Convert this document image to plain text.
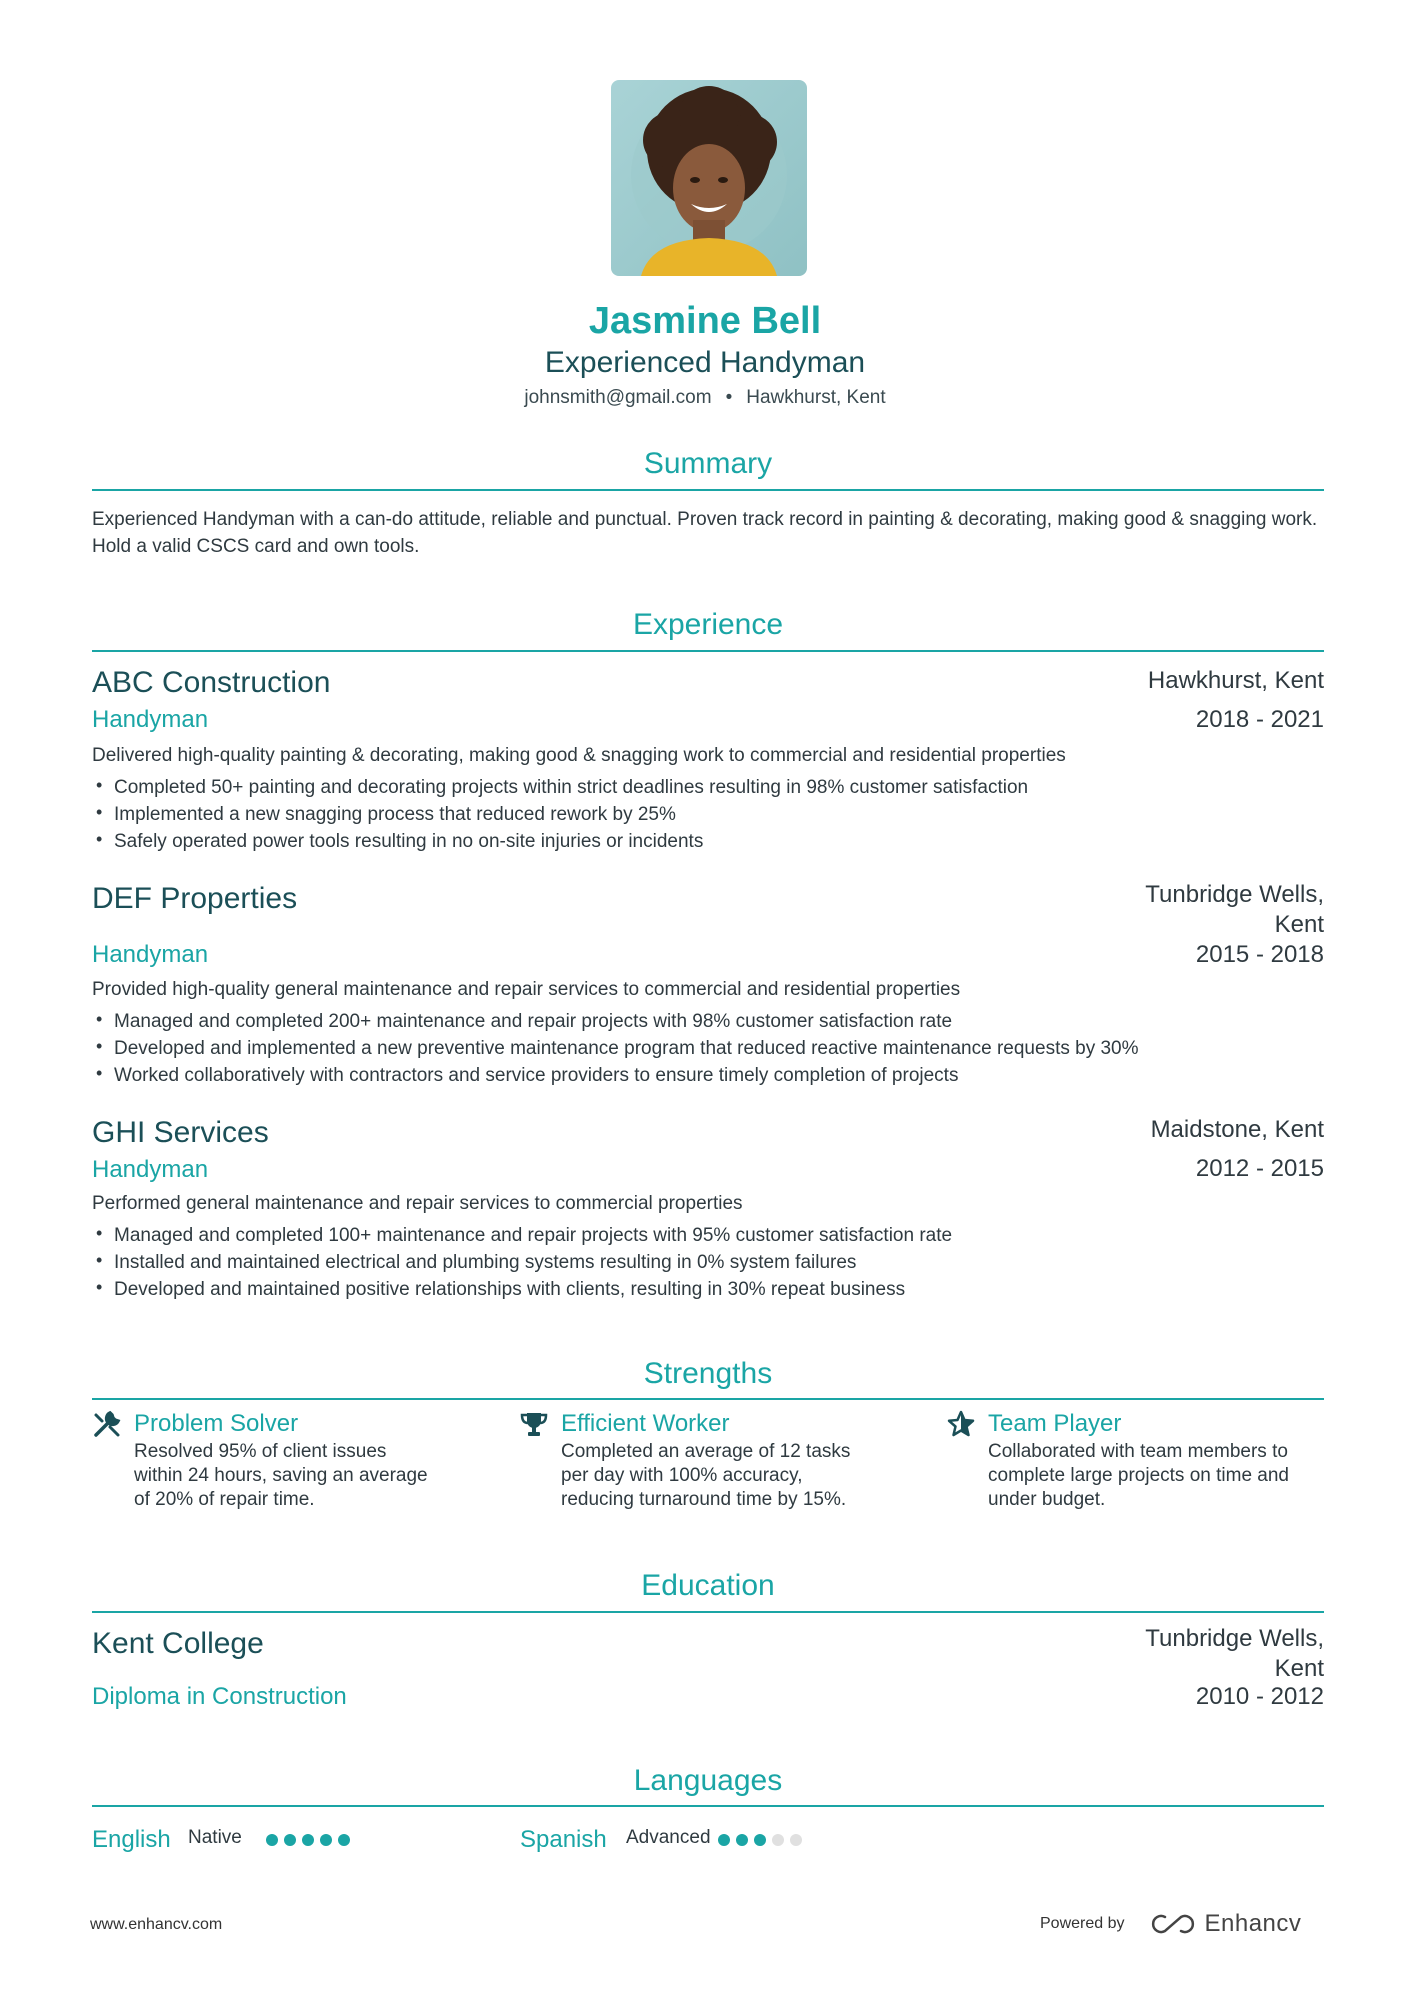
Jasmine Bell
Experienced Handyman
johnsmith@gmail.com • Hawkhurst, Kent
Summary
Experienced Handyman with a can-do attitude, reliable and punctual. Proven track record in painting & decorating, making good & snagging work. Hold a valid CSCS card and own tools.
Experience
ABC Construction	Hawkhurst, Kent
Handyman	2018 - 2021
Delivered high-quality painting & decorating, making good & snagging work to commercial and residential properties
• Completed 50+ painting and decorating projects within strict deadlines resulting in 98% customer satisfaction
• Implemented a new snagging process that reduced rework by 25%
• Safely operated power tools resulting in no on-site injuries or incidents
DEF Properties	Tunbridge Wells,
Kent
Handyman	2015 - 2018
Provided high-quality general maintenance and repair services to commercial and residential properties
• Managed and completed 200+ maintenance and repair projects with 98% customer satisfaction rate
• Developed and implemented a new preventive maintenance program that reduced reactive maintenance requests by 30%
• Worked collaboratively with contractors and service providers to ensure timely completion of projects
GHI Services	Maidstone, Kent
Handyman	2012 - 2015
Performed general maintenance and repair services to commercial properties
• Managed and completed 100+ maintenance and repair projects with 95% customer satisfaction rate
• Installed and maintained electrical and plumbing systems resulting in 0% system failures
• Developed and maintained positive relationships with clients, resulting in 30% repeat business
Strengths
Problem Solver
Resolved 95% of client issues
within 24 hours, saving an average
of 20% of repair time.
Efficient Worker
Completed an average of 12 tasks
per day with 100% accuracy,
reducing turnaround time by 15%.
Team Player
Collaborated with team members to
complete large projects on time and
under budget.
Education
Kent College	Tunbridge Wells,
Kent
Diploma in Construction	2010 - 2012
Languages
English Native	Spanish Advanced
www.enhancv.com	Powered by	Enhancv
